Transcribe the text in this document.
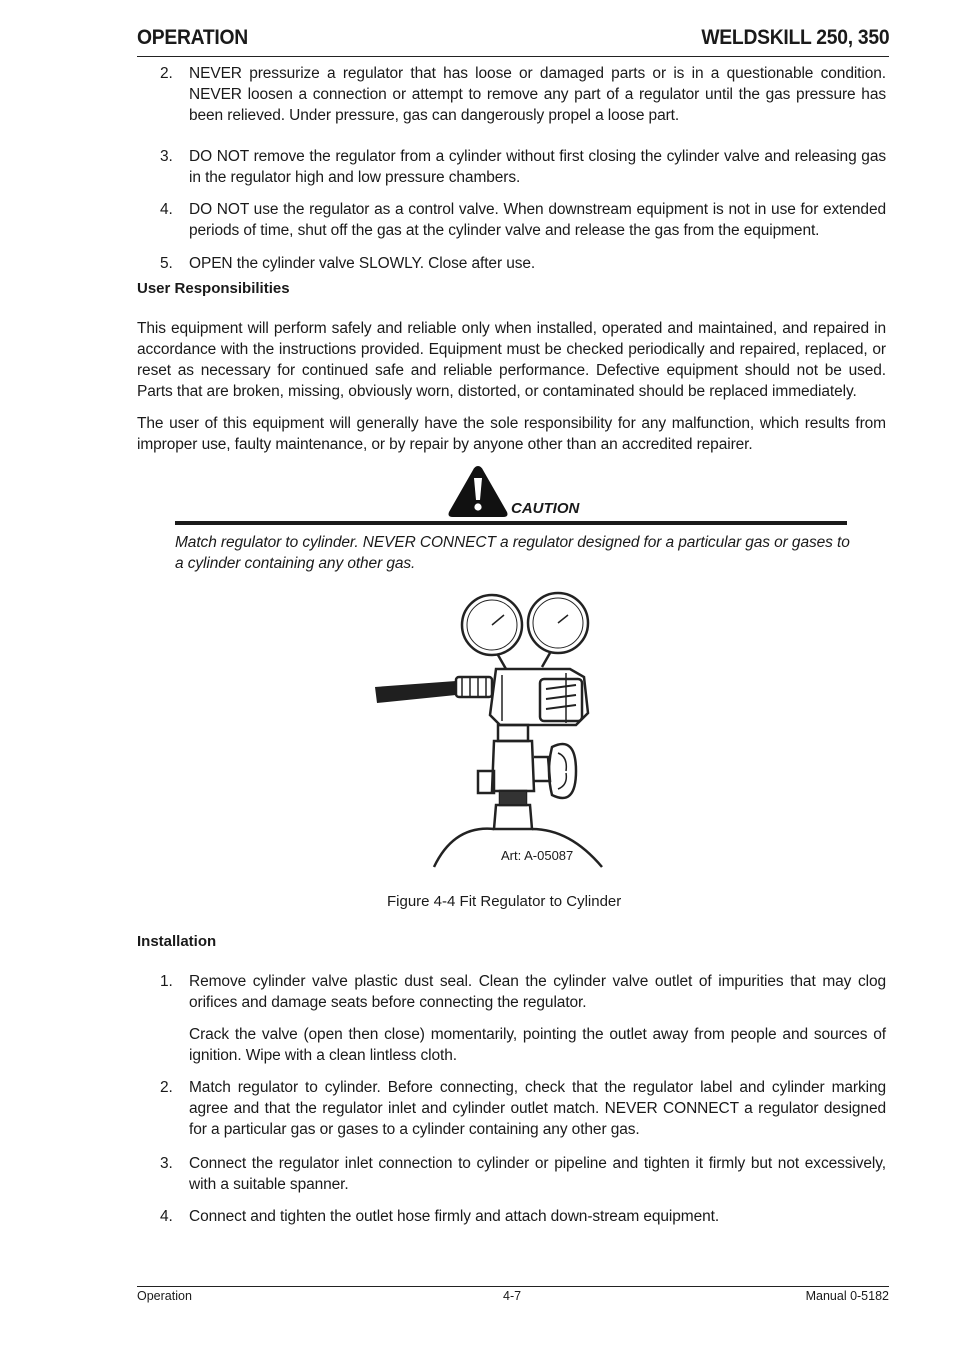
OPERATION	WELDSKILL 250, 350
2.	NEVER pressurize a regulator that has loose or damaged parts or is in a questionable condition. NEVER loosen a connection or attempt to remove any part of a regulator until the gas pressure has been relieved. Under pressure, gas can dangerously propel a loose part.
3.	DO NOT remove the regulator from a cylinder without first closing the cylinder valve and releasing gas in the regulator high and low pressure chambers.
4.	DO NOT use the regulator as a control valve. When downstream equipment is not in use for extended periods of time, shut off the gas at the cylinder valve and release the gas from the equipment.
5.	OPEN the cylinder valve SLOWLY. Close after use.
User Responsibilities
This equipment will perform safely and reliable only when installed, operated and maintained, and repaired in accordance with the instructions provided. Equipment must be checked periodically and repaired, replaced, or reset as necessary for continued safe and reliable performance. Defective equipment should not be used. Parts that are broken, missing, obviously worn, distorted, or contaminated should be replaced immediately.
The user of this equipment will generally have the sole responsibility for any malfunction, which results from improper use, faulty maintenance, or by repair by anyone other than an accredited repairer.
CAUTION
Match regulator to cylinder. NEVER CONNECT a regulator designed for a particular gas or gases to a cylinder containing any other gas.
Art: A-05087
Figure 4-4 Fit Regulator to Cylinder
Installation
1.	Remove cylinder valve plastic dust seal. Clean the cylinder valve outlet of impurities that may clog orifices and damage seats before connecting the regulator.
Crack the valve (open then close) momentarily, pointing the outlet away from people and sources of ignition. Wipe with a clean lintless cloth.
2.	Match regulator to cylinder. Before connecting, check that the regulator label and cylinder marking agree and that the regulator inlet and cylinder outlet match. NEVER CONNECT a regulator designed for a particular gas or gases to a cylinder containing any other gas.
3.	Connect the regulator inlet connection to cylinder or pipeline and tighten it firmly but not excessively, with a suitable spanner.
4.	Connect and tighten the outlet hose firmly and attach down-stream equipment.
Operation	4-7	Manual 0-5182
